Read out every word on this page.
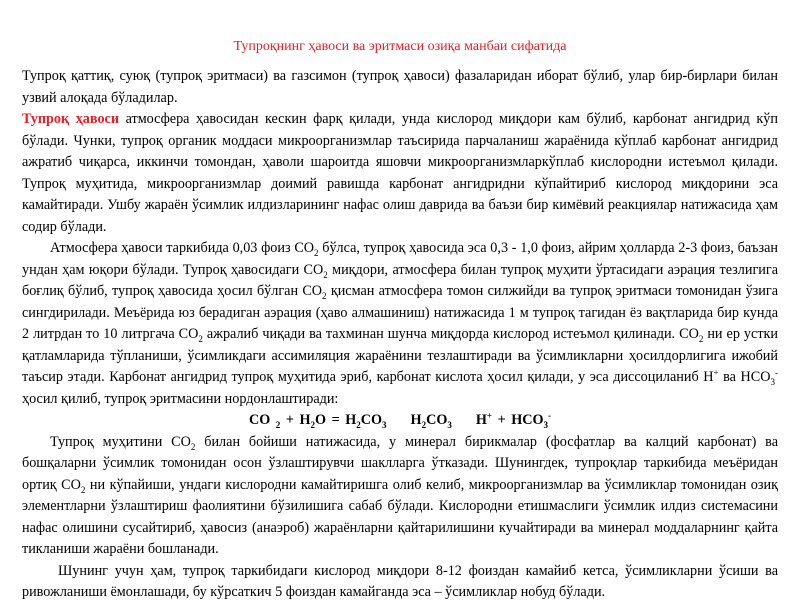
Тупроқнинг ҳавоси ва эритмаси озиқа манбаи сифатида

Тупроқ қаттиқ, суюқ (тупроқ эритмаси) ва газсимон (тупроқ ҳавоси) фазаларидан иборат бўлиб, улар бир-бирлари билан узвий алоқада бўладилар.

Тупроқ ҳавоси атмосфера ҳавосидан кескин фарқ қилади, унда кислород миқдори кам бўлиб, карбонат ангидрид кўп бўлади. Чунки, тупроқ органик моддаси микроорганизмлар таъсирида парчаланиш жараёнида кўплаб карбонат ангидрид ажратиб чиқарса, иккинчи томондан, ҳаволи шароитда яшовчи микроорганизмларкўплаб кислородни истеъмол қилади. Тупроқ муҳитида, микроорганизмлар доимий равишда карбонат ангидридни кўпайтириб кислород миқдорини эса камайтиради. Ушбу жараён ўсимлик илдизларининг нафас олиш даврида ва баъзи бир кимёвий реакциялар натижасида ҳам содир бўлади.

Атмосфера ҳавоси таркибида 0,03 фоиз $CO_2$ бўлса, тупроқ ҳавосида эса 0,3 - 1,0 фоиз, айрим ҳолларда 2-3 фоиз, баъзан ундан ҳам юқори бўлади. Тупроқ ҳавосидаги $CO_2$ миқдори, атмосфера билан тупроқ муҳити ўртасидаги аэрация тезлигига боғлиқ бўлиб, тупроқ ҳавосида ҳосил бўлган $CO_2$ қисман атмосфера томон силжийди ва тупроқ эритмаси томонидан ўзига сингдирилади. Меъёрида юз берадиган аэрация (ҳаво алмашиниш) натижасида 1 м тупроқ тагидан ёз вақтларида бир кунда 2 литрдан то 10 литргача $CO_2$ ажралиб чиқади ва тахминан шунча миқдорда кислород истеъмол қилинади. $CO_2$ ни ер устки қатламларида тўпланиши, ўсимликдаги ассимиляция жараёнини тезлаштиради ва ўсимликларни ҳосилдорлигига ижобий таъсир этади. Карбонат ангидрид тупроқ муҳитида эриб, карбонат кислота ҳосил қилади, у эса диссоциланиб H+ ва $HCO_3^-$ ҳосил қилиб, тупроқ эритмасини нордонлаштиради:

CO $_2 + H_2O = H_2CO_3$ $H_2CO_3$ $H^+ + HCO_3^-$

Тупроқ муҳитини $CO_2$ билан бойиши натижасида, у минерал бирикмалар (фосфатлар ва калций карбонат) ва бошқаларни ўсимлик томонидан осон ўзлаштирувчи шаклларга ўтказади. Шунингдек, тупроқлар таркибида меъёридан ортиқ $CO_2$ ни кўпайиши, ундаги кислородни камайтиришга олиб келиб, микроорганизмлар ва ўсимликлар томонидан озиқ элементларни ўзлаштириш фаолиятини бўзилишига сабаб бўлади. Кислородни етишмаслиги ўсимлик илдиз системасини нафас олишини сусайтириб, ҳавосиз (анаэроб) жараёнларни қайтарилишини кучайтиради ва минерал моддаларнинг қайта тикланиши жараёни бошланади.

Шунинг учун ҳам, тупроқ таркибидаги кислород миқдори 8-12 фоиздан камайиб кетса, ўсимликларни ўсиши ва ривожланиши ёмонлашади, бу кўрсаткич 5 фоиздан камайганда эса – ўсимликлар нобуд бўлади.
